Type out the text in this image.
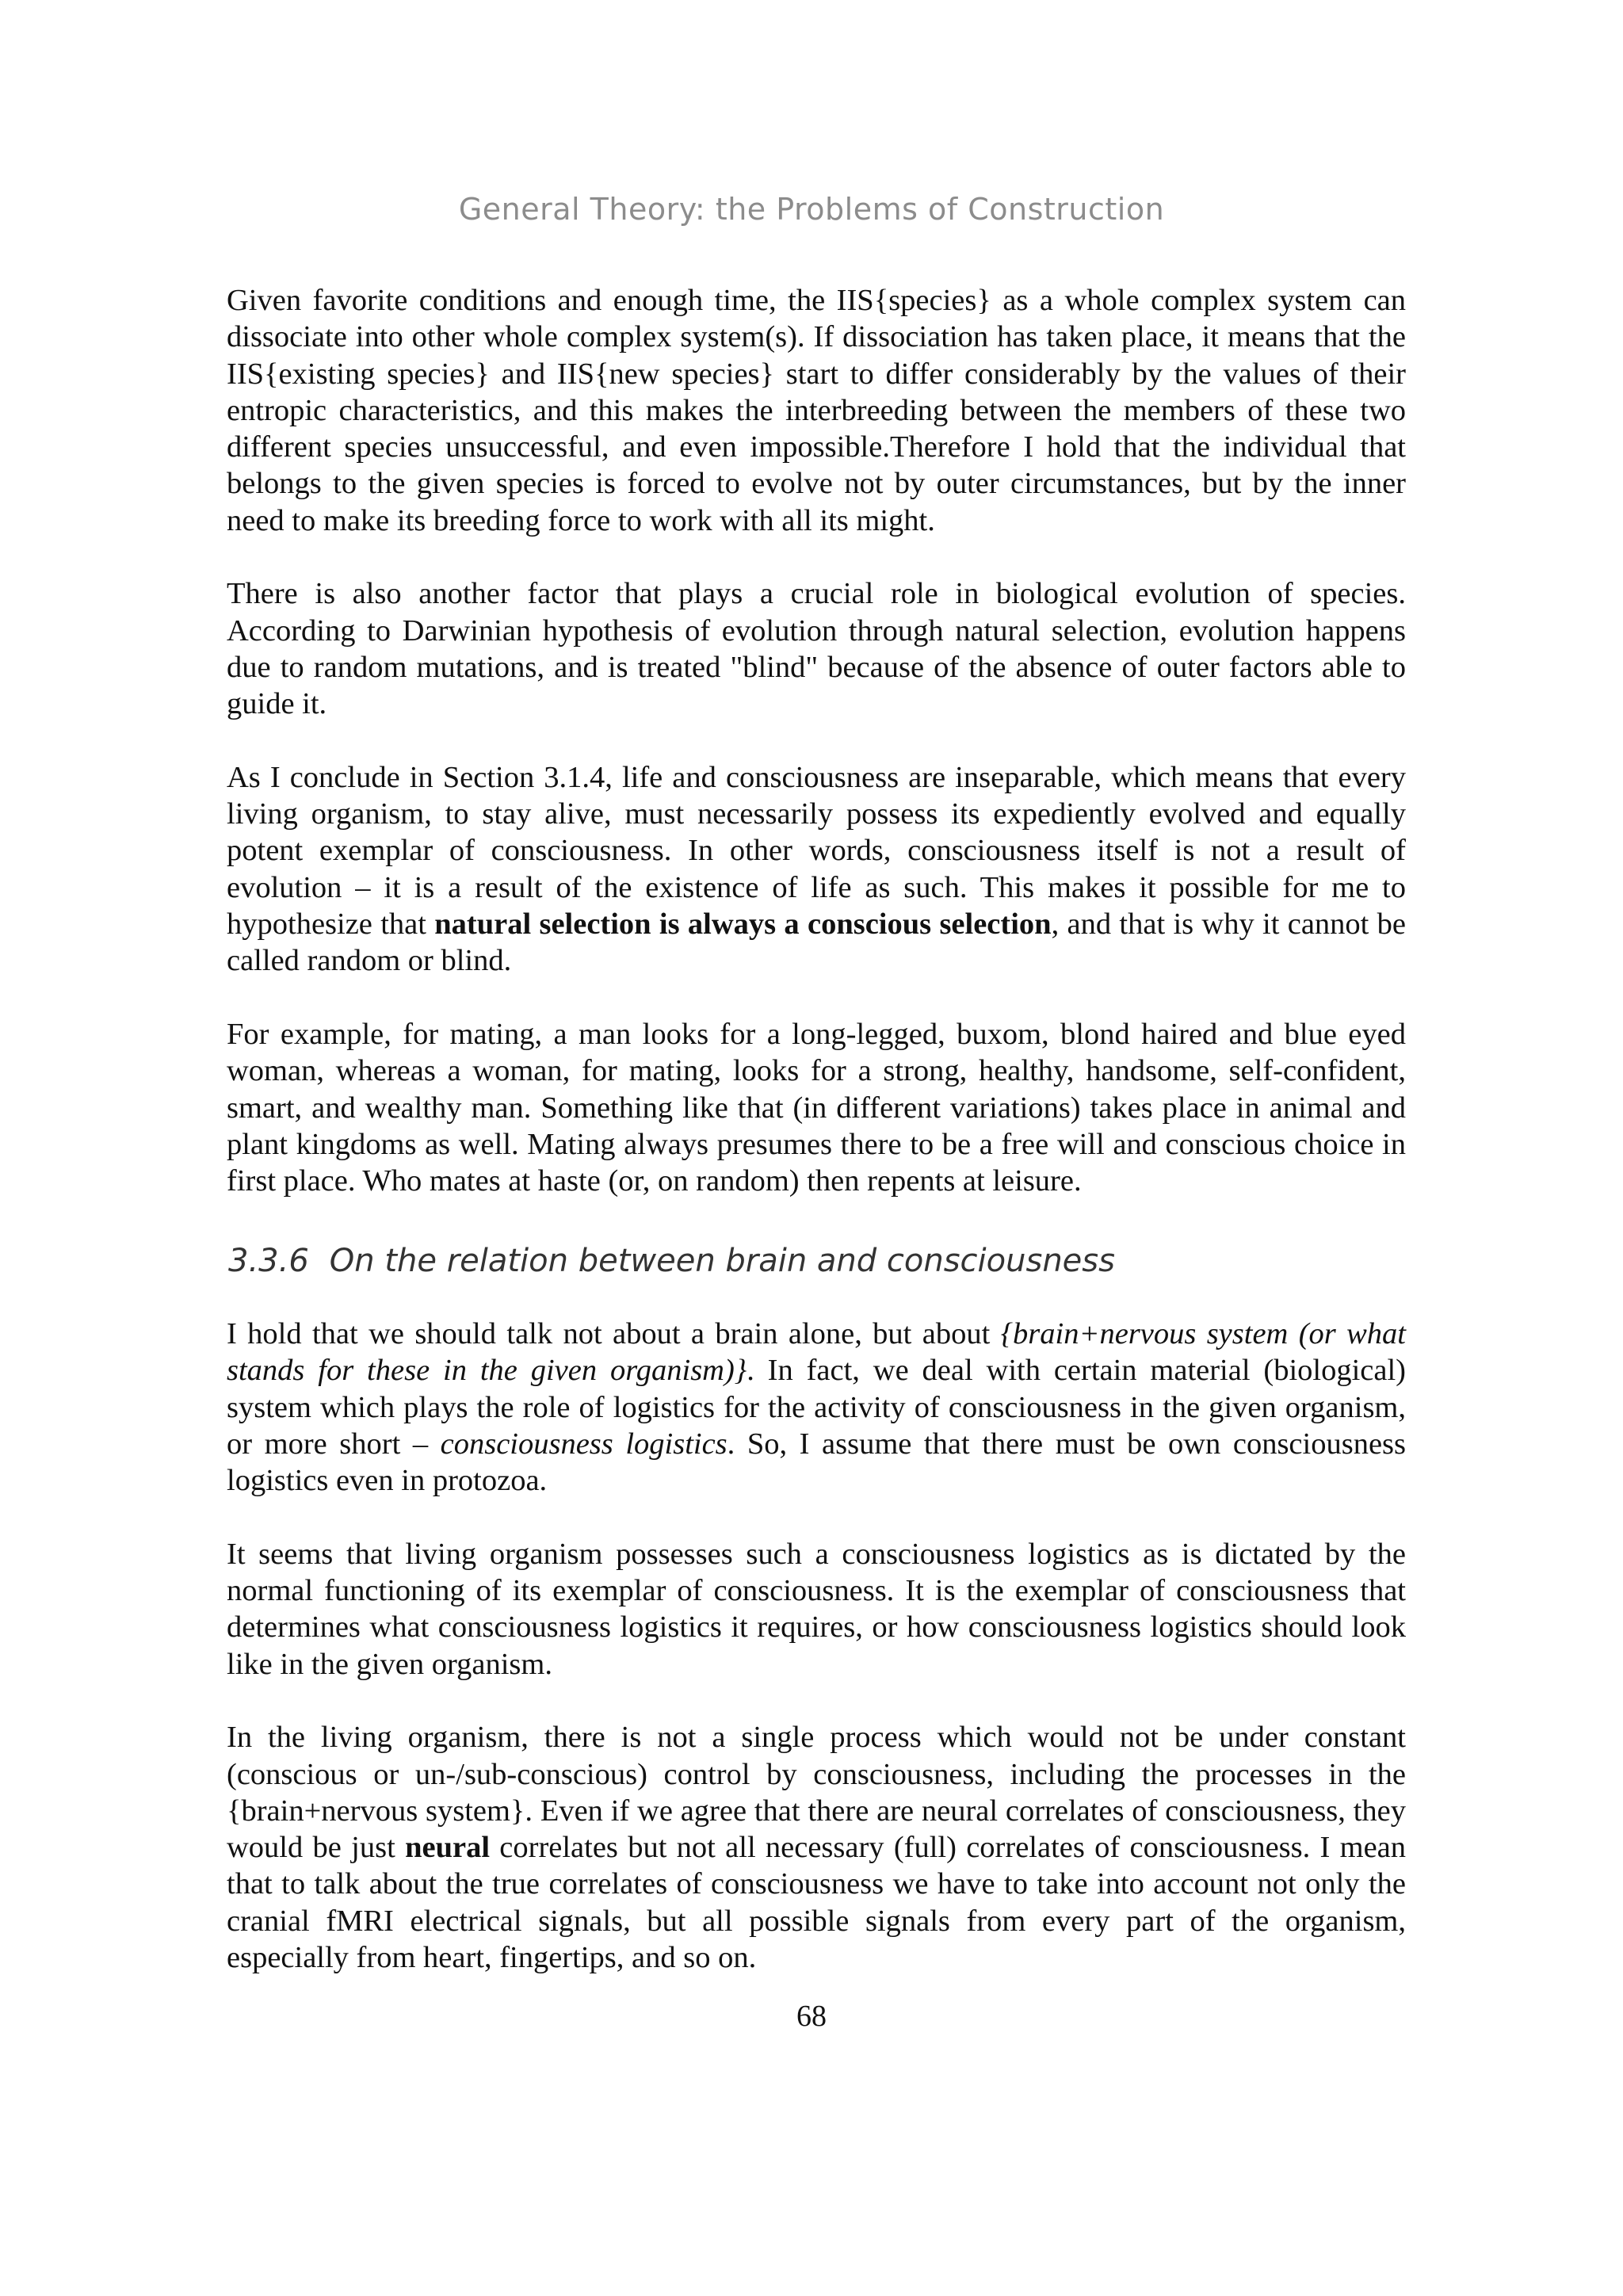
General Theory: the Problems of Construction

Given favorite conditions and enough time, the IIS{species} as a whole complex system can dissociate into other whole complex system(s). If dissociation has taken place, it means that the IIS{existing species} and IIS{new species} start to differ considerably by the values of their entropic characteristics, and this makes the interbreeding between the members of these two different species unsuccessful, and even impossible.Therefore I hold that the individual that belongs to the given species is forced to evolve not by outer circumstances, but by the inner need to make its breeding force to work with all its might.

There is also another factor that plays a crucial role in biological evolution of species. According to Darwinian hypothesis of evolution through natural selection, evolution happens due to random mutations, and is treated "blind" because of the absence of outer factors able to guide it.

As I conclude in Section 3.1.4, life and consciousness are inseparable, which means that every living organism, to stay alive, must necessarily possess its expediently evolved and equally potent exemplar of consciousness. In other words, consciousness itself is not a result of evolution – it is a result of the existence of life as such. This makes it possible for me to hypothesize that natural selection is always a conscious selection, and that is why it cannot be called random or blind.

For example, for mating, a man looks for a long-legged, buxom, blond haired and blue eyed woman, whereas a woman, for mating, looks for a strong, healthy, handsome, self-confident, smart, and wealthy man. Something like that (in different variations) takes place in animal and plant kingdoms as well. Mating always presumes there to be a free will and conscious choice in first place. Who mates at haste (or, on random) then repents at leisure.

3.3.6 On the relation between brain and consciousness

I hold that we should talk not about a brain alone, but about {brain+nervous system (or what stands for these in the given organism)}. In fact, we deal with certain material (biological) system which plays the role of logistics for the activity of consciousness in the given organism, or more short – consciousness logistics. So, I assume that there must be own consciousness logistics even in protozoa.

It seems that living organism possesses such a consciousness logistics as is dictated by the normal functioning of its exemplar of consciousness. It is the exemplar of consciousness that determines what consciousness logistics it requires, or how consciousness logistics should look like in the given organism.

In the living organism, there is not a single process which would not be under constant (conscious or un-/sub-conscious) control by consciousness, including the processes in the {brain+nervous system}. Even if we agree that there are neural correlates of consciousness, they would be just neural correlates but not all necessary (full) correlates of consciousness. I mean that to talk about the true correlates of consciousness we have to take into account not only the cranial fMRI electrical signals, but all possible signals from every part of the organism, especially from heart, fingertips, and so on.

68
